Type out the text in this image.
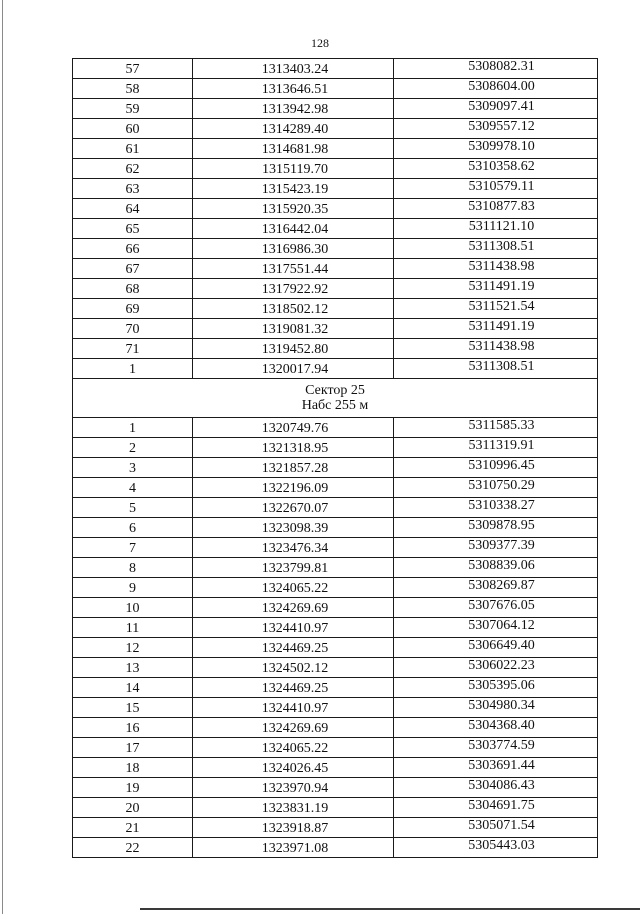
128
57	1313403.24	5308082.31
58	1313646.51	5308604.00
59	1313942.98	5309097.41
60	1314289.40	5309557.12
61	1314681.98	5309978.10
62	1315119.70	5310358.62
63	1315423.19	5310579.11
64	1315920.35	5310877.83
65	1316442.04	5311121.10
66	1316986.30	5311308.51
67	1317551.44	5311438.98
68	1317922.92	5311491.19
69	1318502.12	5311521.54
70	1319081.32	5311491.19
71	1319452.80	5311438.98
1	1320017.94	5311308.51

Сектор 25
Набс 255 м		

1	1320749.76	5311585.33
2	1321318.95	5311319.91
3	1321857.28	5310996.45
4	1322196.09	5310750.29
5	1322670.07	5310338.27
6	1323098.39	5309878.95
7	1323476.34	5309377.39
8	1323799.81	5308839.06
9	1324065.22	5308269.87
10	1324269.69	5307676.05
11	1324410.97	5307064.12
12	1324469.25	5306649.40
13	1324502.12	5306022.23
14	1324469.25	5305395.06
15	1324410.97	5304980.34
16	1324269.69	5304368.40
17	1324065.22	5303774.59
18	1324026.45	5303691.44
19	1323970.94	5304086.43
20	1323831.19	5304691.75
21	1323918.87	5305071.54
22	1323971.08	5305443.03
